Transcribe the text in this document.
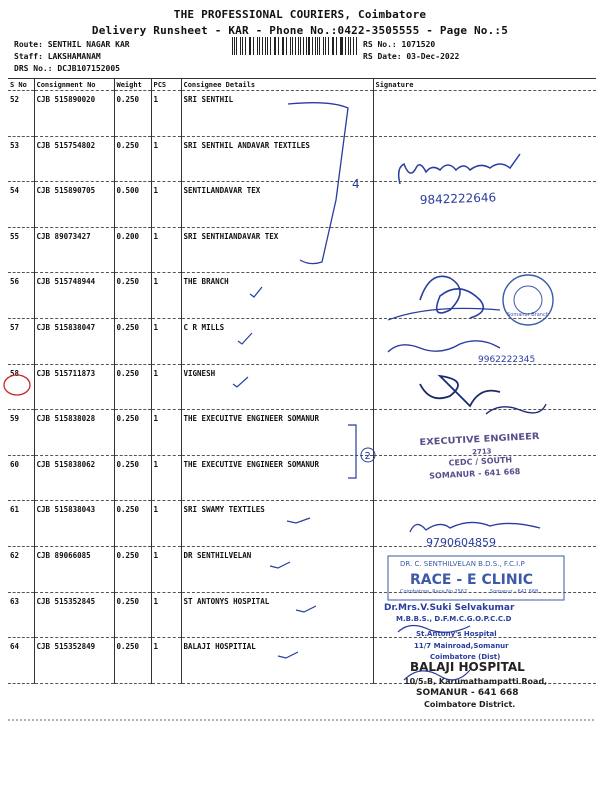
THE PROFESSIONAL COURIERS, Coimbatore
Delivery Runsheet - KAR - Phone No.:0422-3505555 - Page No.:5
Route: SENTHIL NAGAR KAR
Staff: LAKSHAMANAM
DRS No.: DCJB107152005
RS No.: 1071520
RS Date: 03-Dec-2022
S No	Consignment No	Weight	PCS	Consignee Details	Signature
52	CJB 515890020	0.250	1	SRI SENTHIL	
53	CJB 515754802	0.250	1	SRI SENTHIL ANDAVAR TEXTILES	
54	CJB 515890705	0.500	1	SENTILANDAVAR TEX	
55	CJB 89073427	0.200	1	SRI SENTHIANDAVAR TEX	
56	CJB 515748944	0.250	1	THE BRANCH	
57	CJB 515838047	0.250	1	C R MILLS	
58	CJB 515711873	0.250	1	VIGNESH	
59	CJB 515838028	0.250	1	THE EXECUITVE ENGINEER SOMANUR	
60	CJB 515838062	0.250	1	THE EXECUTIVE ENGINEER SOMANUR	
61	CJB 515838043	0.250	1	SRI SWAMY TEXTILES	
62	CJB 89066085	0.250	1	DR SENTHILVELAN	
63	CJB 515352845	0.250	1	ST ANTONYS HOSPITAL	
64	CJB 515352849	0.250	1	BALAJI HOSPITIAL	
4
2
9842222646
Somanur Branch
9962222345
EXECUTIVE ENGINEER
2713
CEDC / SOUTH
SOMANUR - 641 668
9790604859
DR. C. SENTHILVELAN B.D.S., F.C.I.P
RACE - E CLINIC
Coimbatore, Race No.2562	Somanur - 641 668
Dr.Mrs.V.Suki Selvakumar
M.B.B.S., D.F.M.C.G.O.P.C.C.D
St.Antony's Hospital
11/7 Mainroad,Somanur
Coimbatore (Dist)
BALAJI HOSPITAL
10/5-B, Karumathampatti Road,
SOMANUR - 641 668
Coimbatore District.
